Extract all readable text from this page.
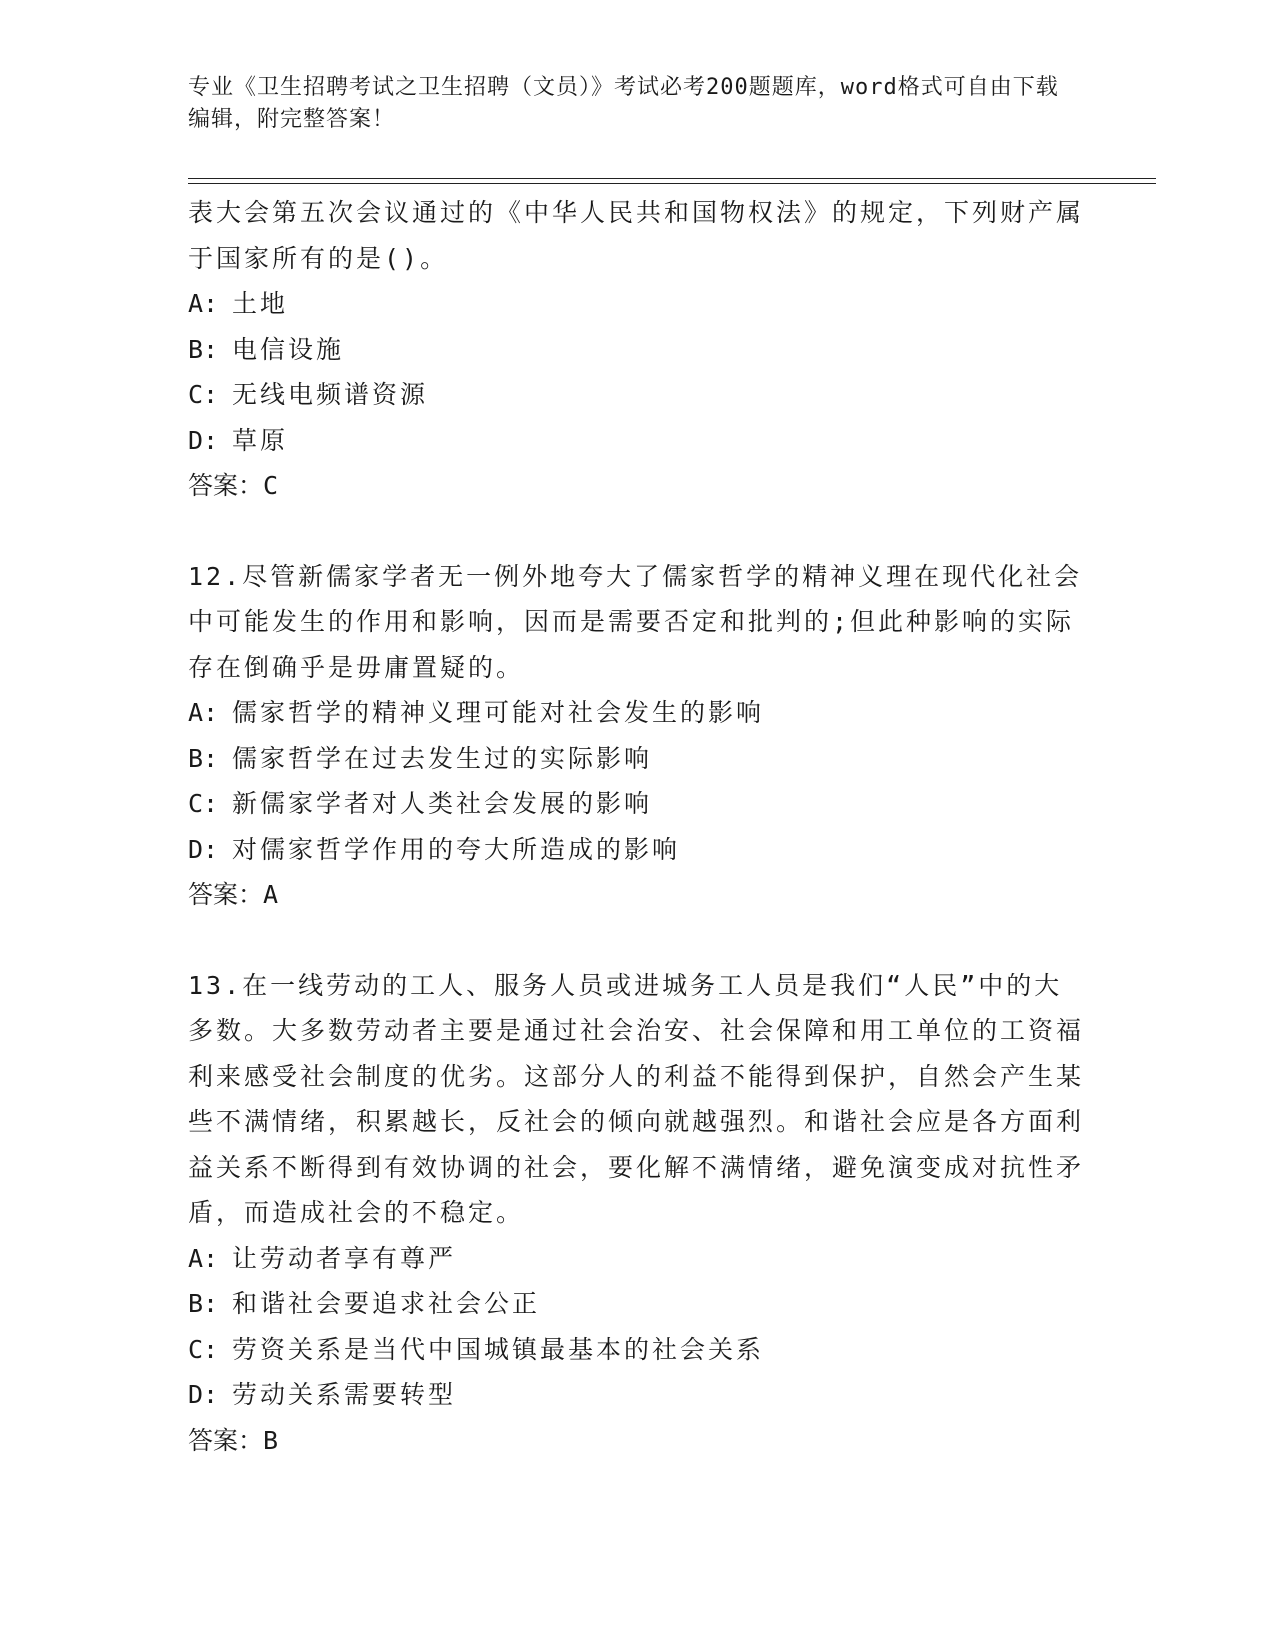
专业《卫生招聘考试之卫生招聘（文员）》考试必考200题题库，word格式可自由下载编辑，附完整答案！

表大会第五次会议通过的《中华人民共和国物权法》的规定，下列财产属于国家所有的是()。

A: 土地

B: 电信设施

C: 无线电频谱资源

D: 草原

答案：C

12.尽管新儒家学者无一例外地夸大了儒家哲学的精神义理在现代化社会中可能发生的作用和影响，因而是需要否定和批判的;但此种影响的实际存在倒确乎是毋庸置疑的。

A: 儒家哲学的精神义理可能对社会发生的影响

B: 儒家哲学在过去发生过的实际影响

C: 新儒家学者对人类社会发展的影响

D: 对儒家哲学作用的夸大所造成的影响

答案：A

13.在一线劳动的工人、服务人员或进城务工人员是我们“人民”中的大多数。大多数劳动者主要是通过社会治安、社会保障和用工单位的工资福利来感受社会制度的优劣。这部分人的利益不能得到保护，自然会产生某些不满情绪，积累越长，反社会的倾向就越强烈。和谐社会应是各方面利益关系不断得到有效协调的社会，要化解不满情绪，避免演变成对抗性矛盾，而造成社会的不稳定。

A: 让劳动者享有尊严

B: 和谐社会要追求社会公正

C: 劳资关系是当代中国城镇最基本的社会关系

D: 劳动关系需要转型

答案：B
